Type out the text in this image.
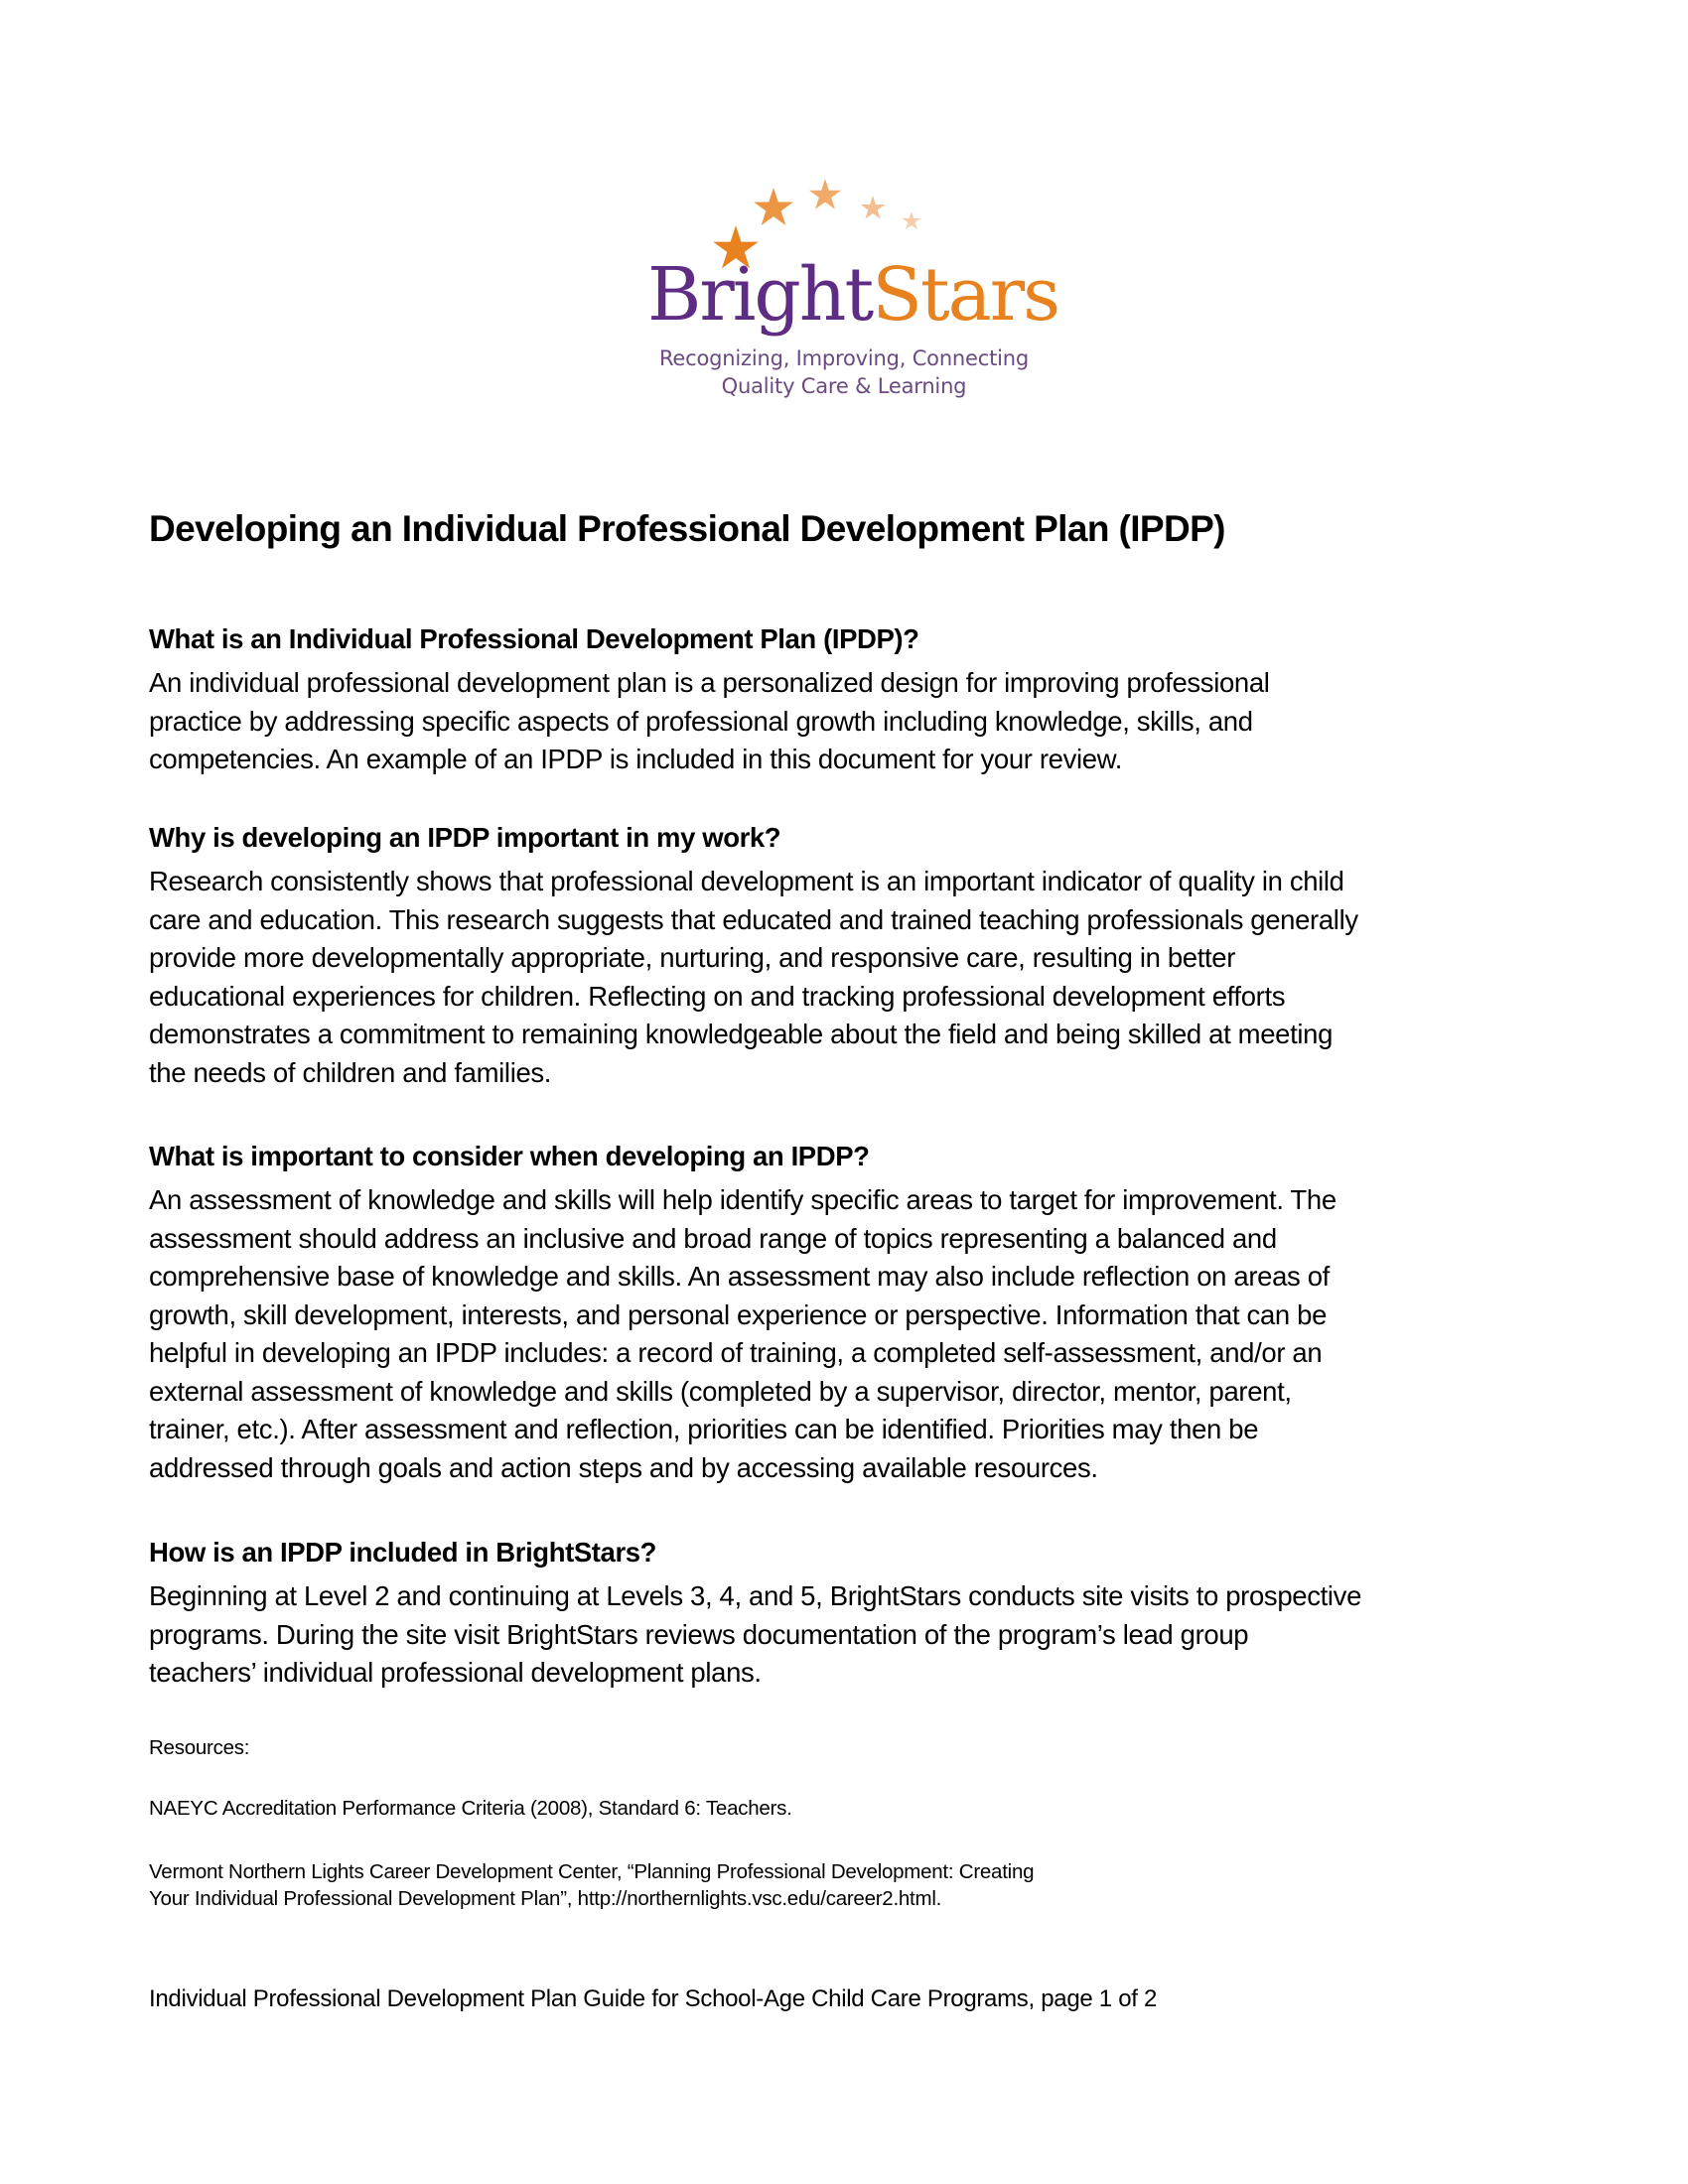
BrightStars
Recognizing, Improving, Connecting
Quality Care & Learning
Developing an Individual Professional Development Plan (IPDP)
What is an Individual Professional Development Plan (IPDP)?
An individual professional development plan is a personalized design for improving professional
practice by addressing specific aspects of professional growth including knowledge, skills, and
competencies. An example of an IPDP is included in this document for your review.
Why is developing an IPDP important in my work?
Research consistently shows that professional development is an important indicator of quality in child
care and education. This research suggests that educated and trained teaching professionals generally
provide more developmentally appropriate, nurturing, and responsive care, resulting in better
educational experiences for children. Reflecting on and tracking professional development efforts
demonstrates a commitment to remaining knowledgeable about the field and being skilled at meeting
the needs of children and families.
What is important to consider when developing an IPDP?
An assessment of knowledge and skills will help identify specific areas to target for improvement. The
assessment should address an inclusive and broad range of topics representing a balanced and
comprehensive base of knowledge and skills. An assessment may also include reflection on areas of
growth, skill development, interests, and personal experience or perspective. Information that can be
helpful in developing an IPDP includes: a record of training, a completed self-assessment, and/or an
external assessment of knowledge and skills (completed by a supervisor, director, mentor, parent,
trainer, etc.). After assessment and reflection, priorities can be identified. Priorities may then be
addressed through goals and action steps and by accessing available resources.
How is an IPDP included in BrightStars?
Beginning at Level 2 and continuing at Levels 3, 4, and 5, BrightStars conducts site visits to prospective
programs. During the site visit BrightStars reviews documentation of the program’s lead group
teachers’ individual professional development plans.
Resources:
NAEYC Accreditation Performance Criteria (2008), Standard 6: Teachers.
Vermont Northern Lights Career Development Center, “Planning Professional Development: Creating
Your Individual Professional Development Plan”, http://northernlights.vsc.edu/career2.html.
Individual Professional Development Plan Guide for School-Age Child Care Programs, page 1 of 2
